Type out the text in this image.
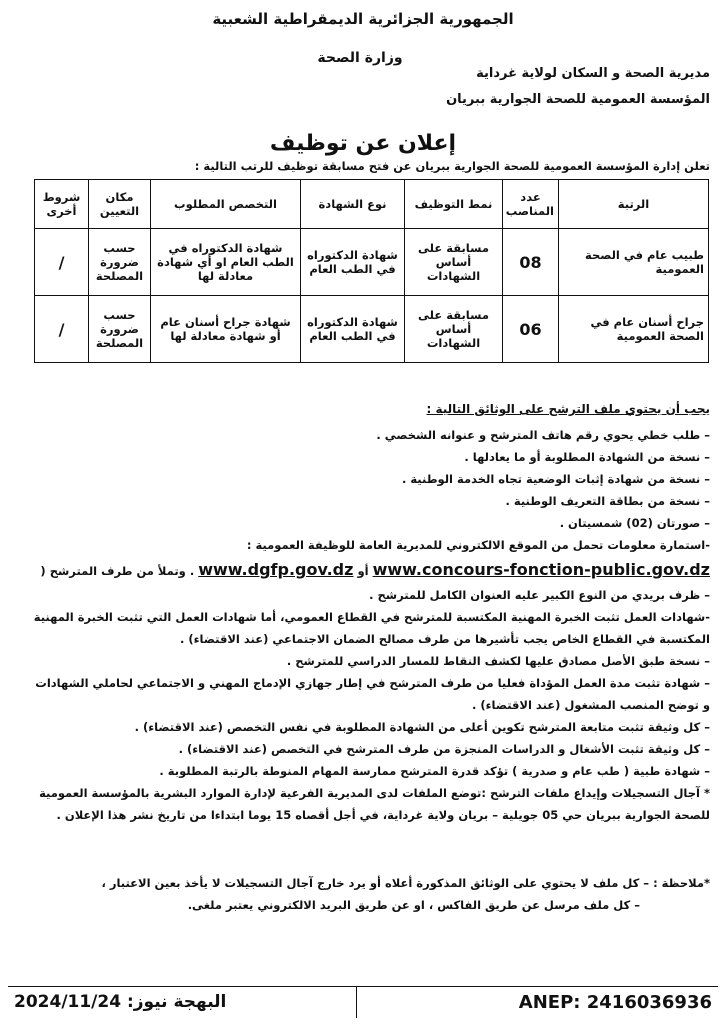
الجمهورية الجزائرية الديمقراطية الشعبية
وزارة الصحة
مديرية الصحة و السكان لولاية غرداية
المؤسسة العمومية للصحة الجوارية ببريان
إعلان عن توظيف
تعلن إدارة المؤسسة العمومية للصحة الجوارية ببريان عن فتح مسابقة توظيف للرتب التالية :
الرتبة	عدد المناصب	نمط التوظيف	نوع الشهادة	التخصص المطلوب	مكان التعيين	شروط أخرى
طبيب عام في الصحة العمومية	08	مسابقة على أساس الشهادات	شهادة الدكتوراه في الطب العام	شهادة الدكتوراه في الطب العام او أي شهادة معادلة لها	حسب ضرورة المصلحة	/
جراح أسنان عام في الصحة العمومية	06	مسابقة على أساس الشهادات	شهادة الدكتوراه في الطب العام	شهادة جراح أسنان عام أو شهادة معادلة لها	حسب ضرورة المصلحة	/
يجب أن يحتوي ملف الترشح على الوثائق التالية :
– طلب خطي يحوي رقم هاتف المترشح و عنوانه الشخصي .
– نسخة من الشهادة المطلوبة أو ما يعادلها .
– نسخة من شهادة إثبات الوضعية تجاه الخدمة الوطنية .
– نسخة من بطاقة التعريف الوطنية .
– صورتان (02) شمسيتان .
-استمارة معلومات تحمل من الموقع الالكتروني للمديرية العامة للوظيفة العمومية :
) وتملأ من طرف المترشح . www.dgfp.gov.dz أو www.concours-fonction-public.gov.dz
– ظرف بريدي من النوع الكبير عليه العنوان الكامل للمترشح .
-شهادات العمل تثبت الخبرة المهنية المكتسبة للمترشح في القطاع العمومي، أما شهادات العمل التي تثبت الخبرة المهنية
المكتسبة في القطاع الخاص يجب تأشيرها من طرف مصالح الضمان الاجتماعي (عند الاقتضاء) .
– نسخة طبق الأصل مصادق عليها لكشف النقاط للمسار الدراسي للمترشح .
– شهادة تثبت مدة العمل المؤداة فعليا من طرف المترشح في إطار جهازي الإدماج المهني و الاجتماعي لحاملي الشهادات
و توضح المنصب المشغول (عند الاقتضاء) .
– كل وثيقة تثبت متابعة المترشح تكوين أعلى من الشهادة المطلوبة في نفس التخصص (عند الاقتضاء) .
– كل وثيقة تثبت الأشغال و الدراسات المنجزة من طرف المترشح في التخصص (عند الاقتضاء) .
– شهادة طبية ( طب عام و صدرية ) تؤكد قدرة المترشح ممارسة المهام المنوطة بالرتبة المطلوبة .
* آجال التسجيلات وإيداع ملفات الترشح :توضع الملفات لدى المديرية الفرعية لإدارة الموارد البشرية بالمؤسسة العمومية
للصحة الجوارية ببريان حي 05 جويلية – بريان ولاية غرداية، في أجل أقصاه 15 يوما ابتداءا من تاريخ نشر هذا الإعلان .
*ملاحظة : – كل ملف لا يحتوي على الوثائق المذكورة أعلاه أو يرد خارج آجال التسجيلات لا يأخذ بعين الاعتبار ،
– كل ملف مرسل عن طريق الفاكس ، او عن طريق البريد الالكتروني يعتبر ملغى.
البهجة نيوز: 2024/11/24	ANEP: 2416036936
